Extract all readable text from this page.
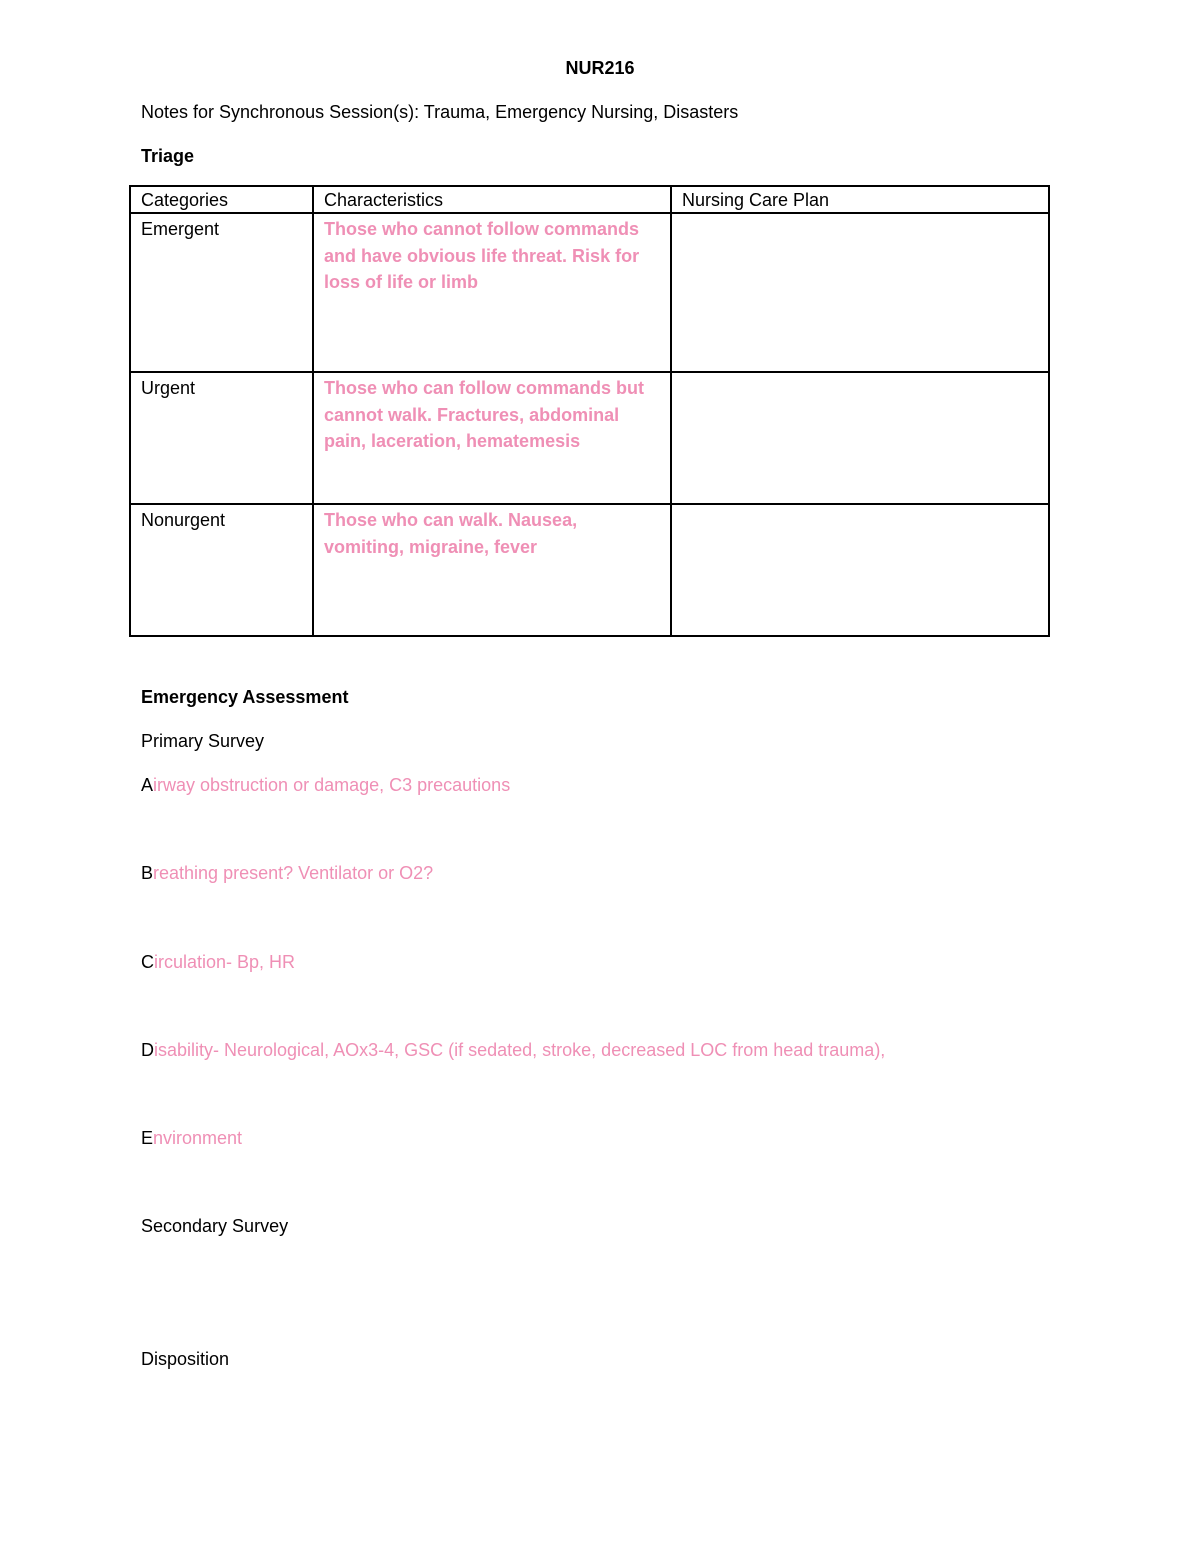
NUR216
Notes for Synchronous Session(s): Trauma, Emergency Nursing, Disasters
Triage
Categories	Characteristics	Nursing Care Plan
Emergent	Those who cannot follow commands and have obvious life threat. Risk for loss of life or limb	
Urgent	Those who can follow commands but cannot walk. Fractures, abdominal pain, laceration, hematemesis	
Nonurgent	Those who can walk. Nausea, vomiting, migraine, fever	
Emergency Assessment
Primary Survey
Airway obstruction or damage, C3 precautions
Breathing present? Ventilator or O2?
Circulation- Bp, HR
Disability- Neurological, AOx3-4, GSC (if sedated, stroke, decreased LOC from head trauma),
Environment
Secondary Survey
Disposition
